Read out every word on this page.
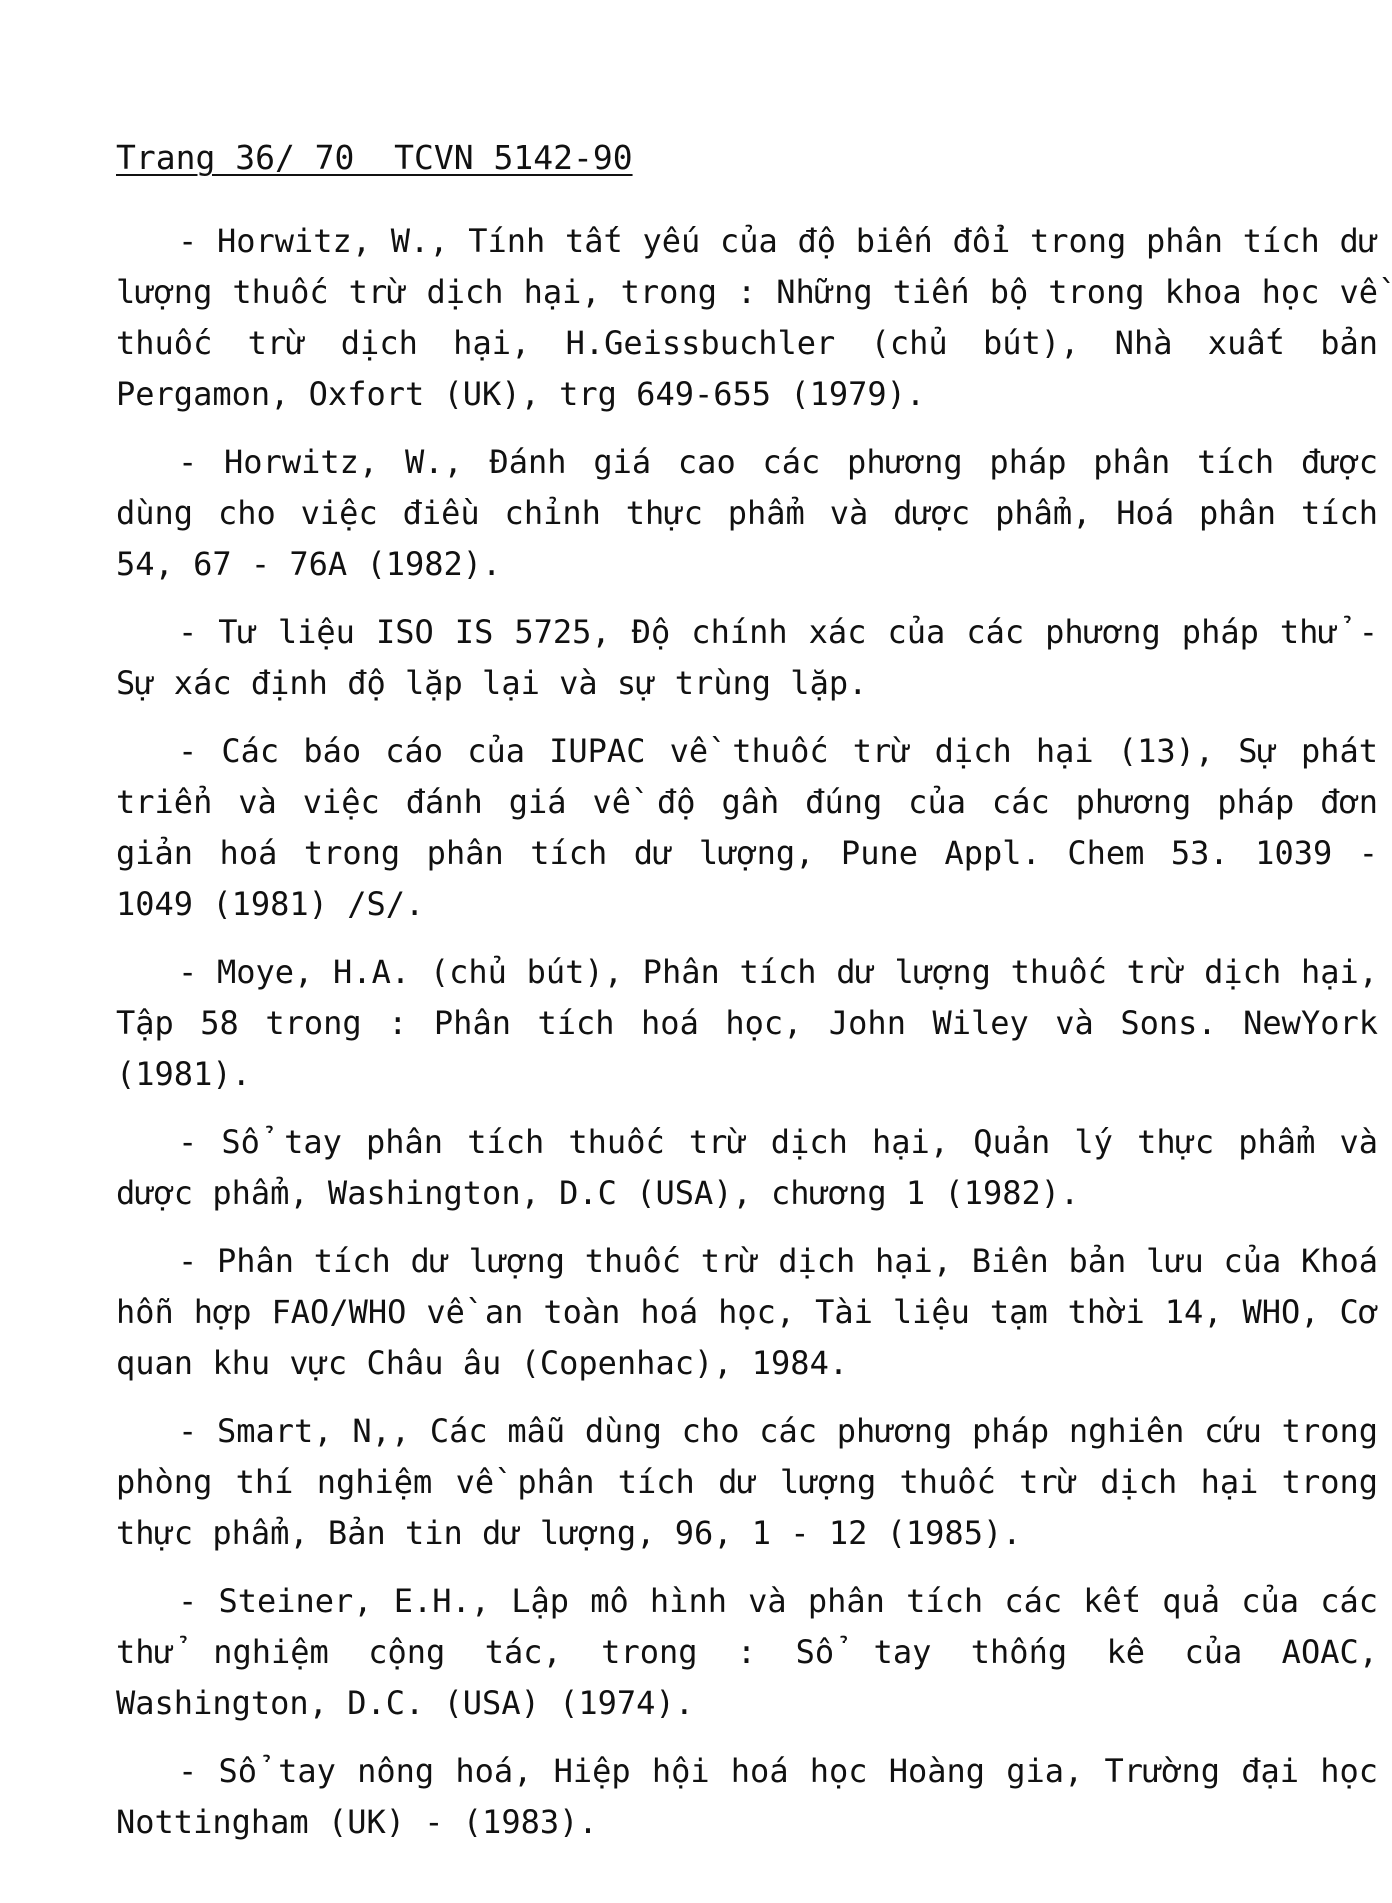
Trang 36/ 70  TCVN 5142-90

- Horwitz, W., Tính tất yếu của độ biến đổi trong phân tích dư lượng thuốc trừ dịch hại, trong : Những tiến bộ trong khoa học về thuốc trừ dịch hại, H.Geissbuchler (chủ bút), Nhà xuất bản Pergamon, Oxfort (UK), trg 649-655 (1979).

- Horwitz, W., Đánh giá cao các phương pháp phân tích được dùng cho việc điều chỉnh thực phẩm và dược phẩm, Hoá phân tích 54, 67 - 76A (1982).

- Tư liệu ISO IS 5725, Độ chính xác của các phương pháp thử - Sự xác định độ lặp lại và sự trùng lặp.

- Các báo cáo của IUPAC về thuốc trừ dịch hại (13), Sự phát triển và việc đánh giá về độ gần đúng của các phương pháp đơn giản hoá trong phân tích dư lượng, Pune Appl. Chem 53. 1039 - 1049 (1981) /S/.

- Moye, H.A. (chủ bút), Phân tích dư lượng thuốc trừ dịch hại, Tập 58 trong : Phân tích hoá học, John Wiley và Sons. NewYork (1981).

- Sổ tay phân tích thuốc trừ dịch hại, Quản lý thực phẩm và dược phẩm, Washington, D.C (USA), chương 1 (1982).

- Phân tích dư lượng thuốc trừ dịch hại, Biên bản lưu của Khoá hỗn hợp FAO/WHO về an toàn hoá học, Tài liệu tạm thời 14, WHO, Cơ quan khu vực Châu âu (Copenhac), 1984.

- Smart, N,, Các mẫu dùng cho các phương pháp nghiên cứu trong phòng thí nghiệm về phân tích dư lượng thuốc trừ dịch hại trong thực phẩm, Bản tin dư lượng, 96, 1 - 12 (1985).

- Steiner, E.H., Lập mô hình và phân tích các kết quả của các thử nghiệm cộng tác, trong : Sổ tay thống kê của AOAC, Washington, D.C. (USA) (1974).

- Sổ tay nông hoá, Hiệp hội hoá học Hoàng gia, Trường đại học Nottingham (UK) - (1983).
